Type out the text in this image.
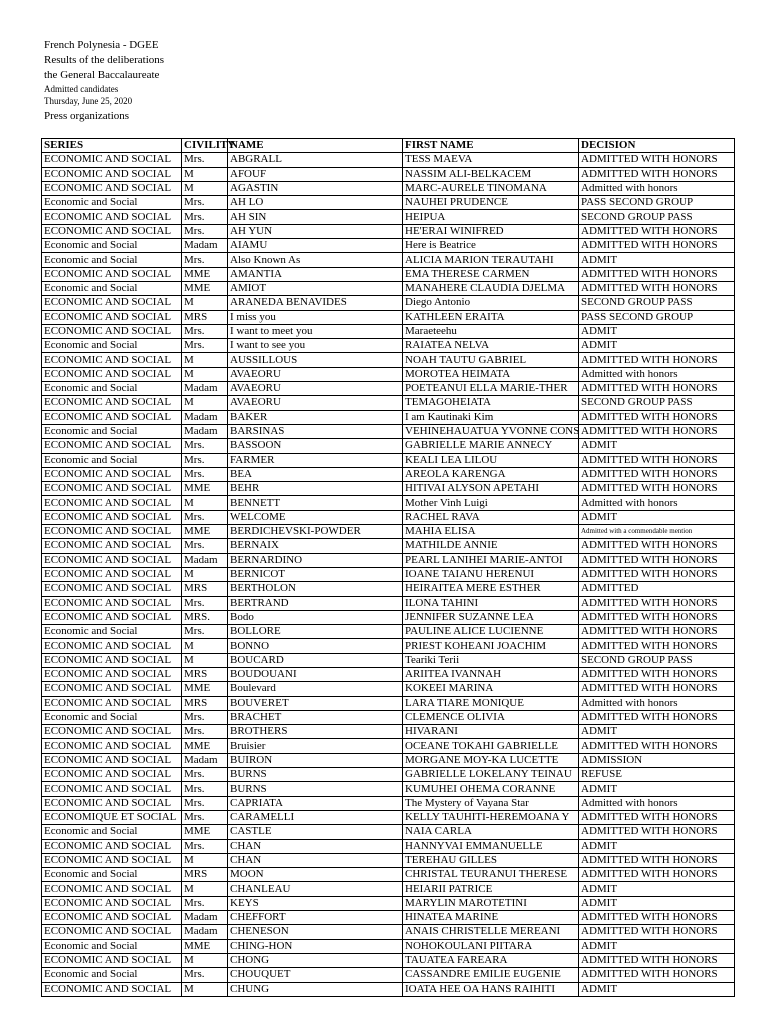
French Polynesia - DGEE
Results of the deliberations
the General Baccalaureate
Admitted candidates
Thursday, June 25, 2020
Press organizations
SERIES	CIVILITY	NAME	FIRST NAME	DECISION
ECONOMIC AND SOCIAL	Mrs.	ABGRALL	TESS MAEVA	ADMITTED WITH HONORS
ECONOMIC AND SOCIAL	M	AFOUF	NASSIM ALI-BELKACEM	ADMITTED WITH HONORS
ECONOMIC AND SOCIAL	M	AGASTIN	MARC-AURELE TINOMANA	Admitted with honors
Economic and Social	Mrs.	AH LO	NAUHEI PRUDENCE	PASS SECOND GROUP
ECONOMIC AND SOCIAL	Mrs.	AH SIN	HEIPUA	SECOND GROUP PASS
ECONOMIC AND SOCIAL	Mrs.	AH YUN	HE'ERAI WINIFRED	ADMITTED WITH HONORS
Economic and Social	Madam	AIAMU	Here is Beatrice	ADMITTED WITH HONORS
Economic and Social	Mrs.	Also Known As	ALICIA MARION TERAUTAHI	ADMIT
ECONOMIC AND SOCIAL	MME	AMANTIA	EMA THERESE CARMEN	ADMITTED WITH HONORS
Economic and Social	MME	AMIOT	MANAHERE CLAUDIA DJELMA	ADMITTED WITH HONORS
ECONOMIC AND SOCIAL	M	ARANEDA BENAVIDES	Diego Antonio	SECOND GROUP PASS
ECONOMIC AND SOCIAL	MRS	I miss you	KATHLEEN ERAITA	PASS SECOND GROUP
ECONOMIC AND SOCIAL	Mrs.	I want to meet you	Maraeteehu	ADMIT
Economic and Social	Mrs.	I want to see you	RAIATEA NELVA	ADMIT
ECONOMIC AND SOCIAL	M	AUSSILLOUS	NOAH TAUTU GABRIEL	ADMITTED WITH HONORS
ECONOMIC AND SOCIAL	M	AVAEORU	MOROTEA HEIMATA	Admitted with honors
Economic and Social	Madam	AVAEORU	POETEANUI ELLA MARIE-THER	ADMITTED WITH HONORS
ECONOMIC AND SOCIAL	M	AVAEORU	TEMAGOHEIATA	SECOND GROUP PASS
ECONOMIC AND SOCIAL	Madam	BAKER	I am Kautinaki Kim	ADMITTED WITH HONORS
Economic and Social	Madam	BARSINAS	VEHINEHAUATUA YVONNE CONS	ADMITTED WITH HONORS
ECONOMIC AND SOCIAL	Mrs.	BASSOON	GABRIELLE MARIE ANNECY	ADMIT
Economic and Social	Mrs.	FARMER	KEALI LEA LILOU	ADMITTED WITH HONORS
ECONOMIC AND SOCIAL	Mrs.	BEA	AREOLA KARENGA	ADMITTED WITH HONORS
ECONOMIC AND SOCIAL	MME	BEHR	HITIVAI ALYSON APETAHI	ADMITTED WITH HONORS
ECONOMIC AND SOCIAL	M	BENNETT	Mother Vinh Luigi	Admitted with honors
ECONOMIC AND SOCIAL	Mrs.	WELCOME	RACHEL RAVA	ADMIT
ECONOMIC AND SOCIAL	MME	BERDICHEVSKI-POWDER	MAHIA ELISA	Admitted with a commendable mention
ECONOMIC AND SOCIAL	Mrs.	BERNAIX	MATHILDE ANNIE	ADMITTED WITH HONORS
ECONOMIC AND SOCIAL	Madam	BERNARDINO	PEARL LANIHEI MARIE-ANTOI	ADMITTED WITH HONORS
ECONOMIC AND SOCIAL	M	BERNICOT	IOANE TAIANU HERENUI	ADMITTED WITH HONORS
ECONOMIC AND SOCIAL	MRS	BERTHOLON	HEIRAITEA MERE ESTHER	ADMITTED
ECONOMIC AND SOCIAL	Mrs.	BERTRAND	ILONA TAHINI	ADMITTED WITH HONORS
ECONOMIC AND SOCIAL	MRS.	Bodo	JENNIFER SUZANNE LEA	ADMITTED WITH HONORS
Economic and Social	Mrs.	BOLLORE	PAULINE ALICE LUCIENNE	ADMITTED WITH HONORS
ECONOMIC AND SOCIAL	M	BONNO	PRIEST KOHEANI JOACHIM	ADMITTED WITH HONORS
ECONOMIC AND SOCIAL	M	BOUCARD	Teariki Terii	SECOND GROUP PASS
ECONOMIC AND SOCIAL	MRS	BOUDOUANI	ARIITEA IVANNAH	ADMITTED WITH HONORS
ECONOMIC AND SOCIAL	MME	Boulevard	KOKEEI MARINA	ADMITTED WITH HONORS
ECONOMIC AND SOCIAL	MRS	BOUVERET	LARA TIARE MONIQUE	Admitted with honors
Economic and Social	Mrs.	BRACHET	CLEMENCE OLIVIA	ADMITTED WITH HONORS
ECONOMIC AND SOCIAL	Mrs.	BROTHERS	HIVARANI	ADMIT
ECONOMIC AND SOCIAL	MME	Bruisier	OCEANE TOKAHI GABRIELLE	ADMITTED WITH HONORS
ECONOMIC AND SOCIAL	Madam	BUIRON	MORGANE MOY-KA LUCETTE	ADMISSION
ECONOMIC AND SOCIAL	Mrs.	BURNS	GABRIELLE LOKELANY TEINAU	REFUSE
ECONOMIC AND SOCIAL	Mrs.	BURNS	KUMUHEI OHEMA CORANNE	ADMIT
ECONOMIC AND SOCIAL	Mrs.	CAPRIATA	The Mystery of Vayana Star	Admitted with honors
ECONOMIQUE ET SOCIAL	Mrs.	CARAMELLI	KELLY TAUHITI-HEREMOANA Y	ADMITTED WITH HONORS
Economic and Social	MME	CASTLE	NAIA CARLA	ADMITTED WITH HONORS
ECONOMIC AND SOCIAL	Mrs.	CHAN	HANNYVAI EMMANUELLE	ADMIT
ECONOMIC AND SOCIAL	M	CHAN	TEREHAU GILLES	ADMITTED WITH HONORS
Economic and Social	MRS	MOON	CHRISTAL TEURANUI THERESE	ADMITTED WITH HONORS
ECONOMIC AND SOCIAL	M	CHANLEAU	HEIARII PATRICE	ADMIT
ECONOMIC AND SOCIAL	Mrs.	KEYS	MARYLIN MAROTETINI	ADMIT
ECONOMIC AND SOCIAL	Madam	CHEFFORT	HINATEA MARINE	ADMITTED WITH HONORS
ECONOMIC AND SOCIAL	Madam	CHENESON	ANAIS CHRISTELLE MEREANI	ADMITTED WITH HONORS
Economic and Social	MME	CHING-HON	NOHOKOULANI PIITARA	ADMIT
ECONOMIC AND SOCIAL	M	CHONG	TAUATEA FAREARA	ADMITTED WITH HONORS
Economic and Social	Mrs.	CHOUQUET	CASSANDRE EMILIE EUGENIE	ADMITTED WITH HONORS
ECONOMIC AND SOCIAL	M	CHUNG	IOATA HEE OA HANS RAIHITI	ADMIT
